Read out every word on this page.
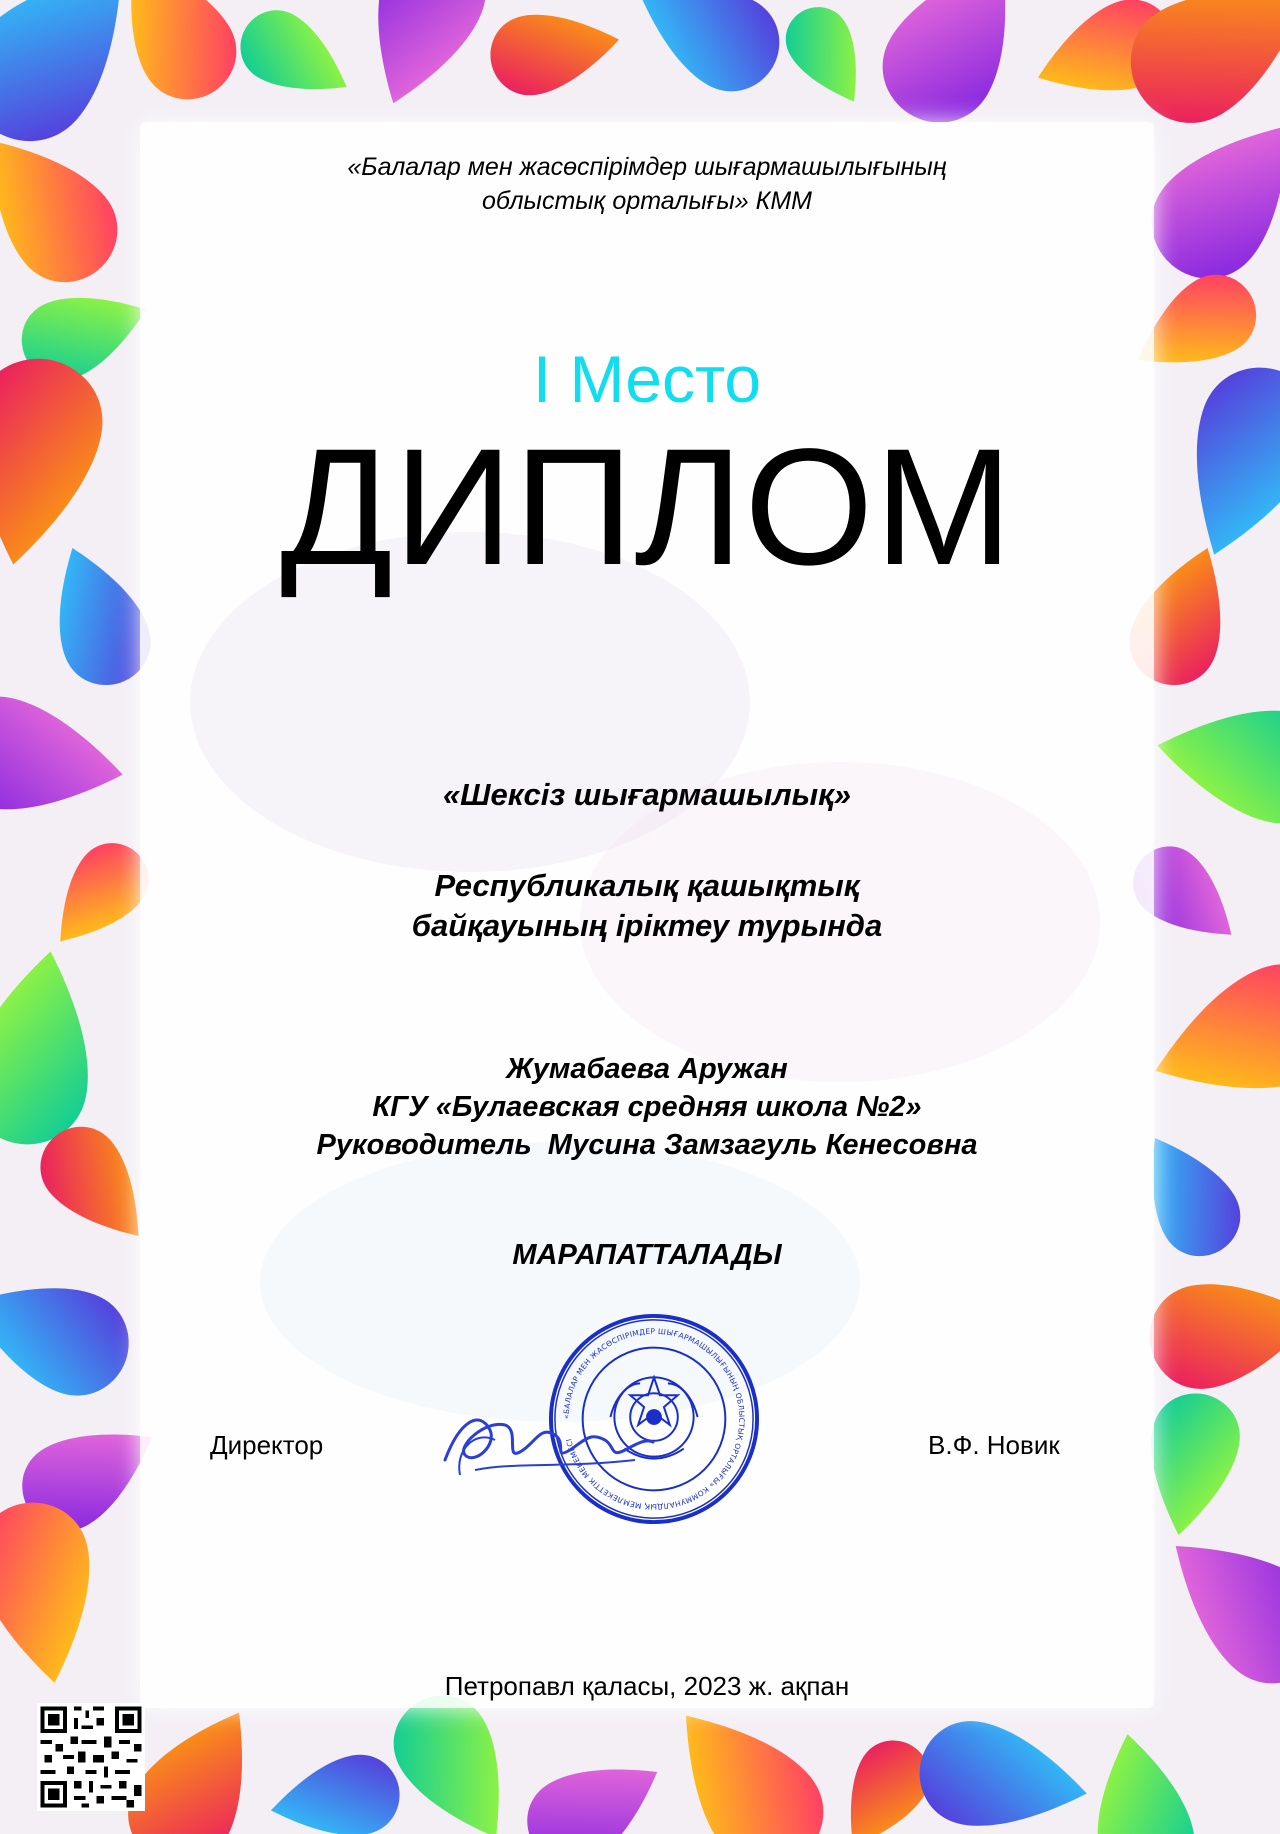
«Балалар мен жасөспірімдер шығармашылығының
облыстық орталығы» КММ
I Место
ДИПЛОМ
«Шексіз шығармашылық»
Республикалық қашықтық
байқауының іріктеу турында
Жумабаева Аружан
КГУ «Булаевская средняя школа №2»
Руководитель  Мусина Замзагуль Кенесовна
МАРАПАТТАЛАДЫ
Директор	В.Ф. Новик
«БАЛАЛАР МЕН ЖАСӨСПІРІМДЕР ШЫҒАРМАШЫЛЫҒЫНЫҢ ОБЛЫСТЫҚ ОРТАЛЫҒЫ» КОММУНАЛДЫҚ МЕМЛЕКЕТТІК МЕКЕМЕСІ
Петропавл қаласы, 2023 ж. ақпан
